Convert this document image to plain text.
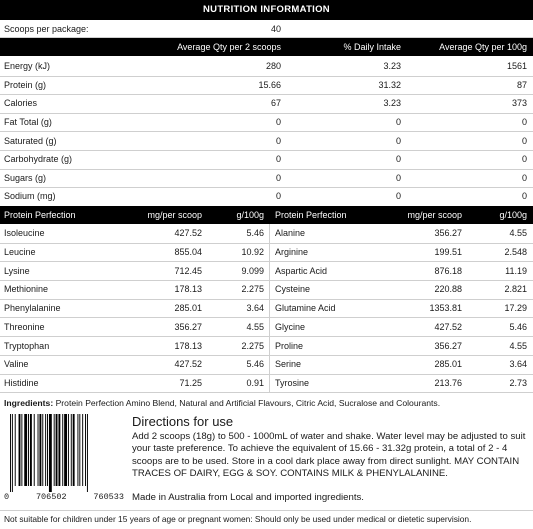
NUTRITION INFORMATION
Scoops per package:	40
Average Qty per 2 scoops	% Daily Intake	Average Qty per 100g
Energy (kJ)	280	3.23	1561
Protein (g)	15.66	31.32	87
Calories	67	3.23	373
Fat Total (g)	0	0	0
Saturated (g)	0	0	0
Carbohydrate (g)	0	0	0
Sugars (g)	0	0	0
Sodium (mg)	0	0	0
Protein Perfection	mg/per scoop	g/100g Protein Perfection	mg/per scoop	g/100g
Isoleucine	427.52	5.46 Alanine	356.27	4.55
Leucine	855.04	10.92 Arginine	199.51	2.548
Lysine	712.45	9.099 Aspartic Acid	876.18	11.19
Methionine	178.13	2.275 Cysteine	220.88	2.821
Phenylalanine	285.01	3.64 Glutamine Acid	1353.81	17.29
Threonine	356.27	4.55 Glycine	427.52	5.46
Tryptophan	178.13	2.275 Proline	356.27	4.55
Valine	427.52	5.46 Serine	285.01	3.64
Histidine	71.25	0.91 Tyrosine	213.76	2.73
Ingredients: Protein Perfection Amino Blend, Natural and Artificial Flavours, Citric Acid, Sucralose and Colourants.
0	706502	760533
Directions for use
Add 2 scoops (18g) to 500 - 1000mL of water and shake. Water level may be adjusted to suit your taste preference. To achieve the equivalent of 15.66 - 31.32g protein, a total of 2 - 4 scoops are to be used. Store in a cool dark place away from direct sunlight. MAY CONTAIN TRACES OF DAIRY, EGG & SOY. CONTAINS MILK & PHENYLALANINE.
Made in Australia from Local and imported ingredients.
Not suitable for children under 15 years of age or pregnant women: Should only be used under medical or dietetic supervision.
